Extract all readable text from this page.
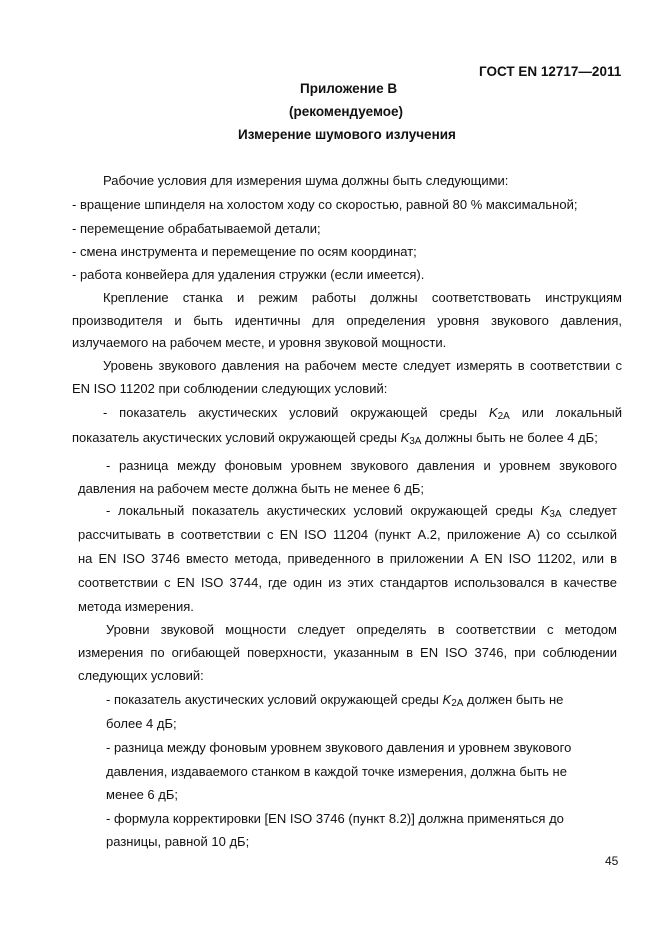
ГОСТ EN 12717—2011
Приложение В
(рекомендуемое)
Измерение шумового излучения
Рабочие условия для измерения шума должны быть следующими:
- вращение шпинделя на холостом ходу со скоростью, равной 80 % максимальной;
- перемещение обрабатываемой детали;
- смена инструмента и перемещение по осям координат;
- работа конвейера для удаления стружки (если имеется).
Крепление станка и режим работы должны соответствовать инструкциям
производителя и быть идентичны для определения уровня звукового давления,
излучаемого на рабочем месте, и уровня звуковой мощности.
Уровень звукового давления на рабочем месте следует измерять в соответствии с
EN ISO 11202 при соблюдении следующих условий:
- показатель акустических условий окружающей среды $K_{2A}$ или локальный
показатель акустических условий окружающей среды $K_{3A}$ должны быть не более 4 дБ;
- разница между фоновым уровнем звукового давления и уровнем звукового
давления на рабочем месте должна быть не менее 6 дБ;
- локальный показатель акустических условий окружающей среды $K_{3A}$ следует
рассчитывать в соответствии с EN ISO 11204 (пункт А.2, приложение А) со ссылкой
на EN ISO 3746 вместо метода, приведенного в приложении А EN ISO 11202, или в
соответствии с EN ISO 3744, где один из этих стандартов использовался в качестве
метода измерения.
Уровни звуковой мощности следует определять в соответствии с методом
измерения по огибающей поверхности, указанным в EN ISO 3746, при соблюдении
следующих условий:
- показатель акустических условий окружающей среды $K_{2A}$ должен быть не
более 4 дБ;
- разница между фоновым уровнем звукового давления и уровнем звукового
давления, издаваемого станком в каждой точке измерения, должна быть не
менее 6 дБ;
- формула корректировки [EN ISO 3746 (пункт 8.2)] должна применяться до
разницы, равной 10 дБ;
45
